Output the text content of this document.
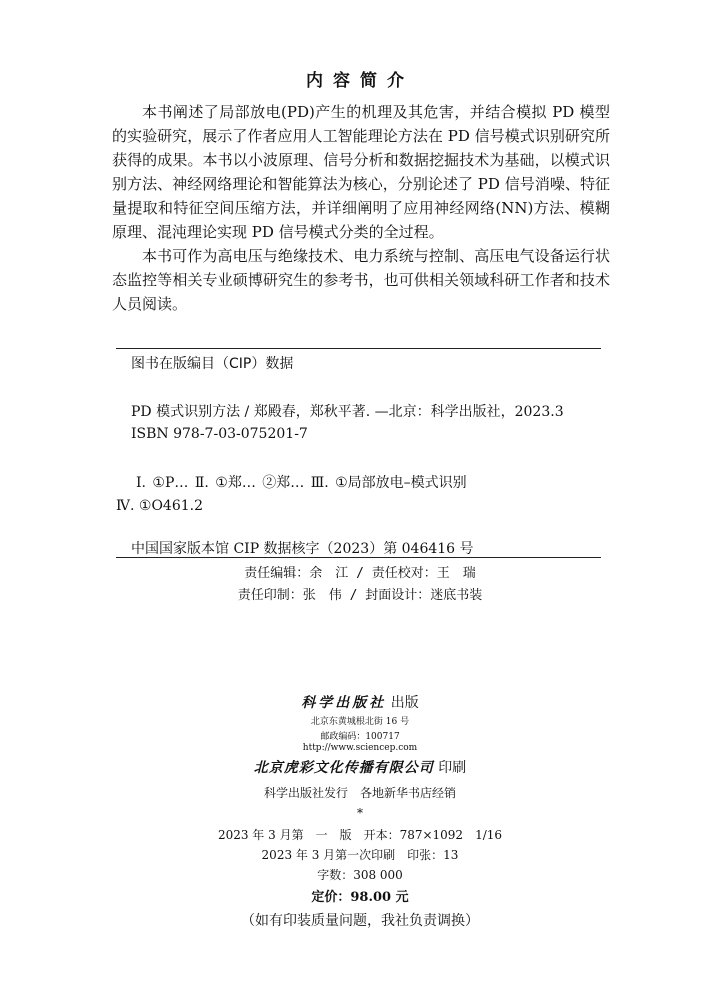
内容简介

本书阐述了局部放电(PD)产生的机理及其危害，并结合模拟 PD 模型的实验研究，展示了作者应用人工智能理论方法在 PD 信号模式识别研究所获得的成果。本书以小波原理、信号分析和数据挖掘技术为基础，以模式识别方法、神经网络理论和智能算法为核心，分别论述了 PD 信号消噪、特征量提取和特征空间压缩方法，并详细阐明了应用神经网络(NN)方法、模糊原理、混沌理论实现 PD 信号模式分类的全过程。

本书可作为高电压与绝缘技术、电力系统与控制、高压电气设备运行状态监控等相关专业硕博研究生的参考书，也可供相关领域科研工作者和技术人员阅读。

图书在版编目（CIP）数据
PD 模式识别方法 / 郑殿春，郑秋平著. —北京：科学出版社，2023.3
ISBN 978-7-03-075201-7
Ⅰ. ①P… Ⅱ. ①郑… ②郑… Ⅲ. ①局部放电–模式识别
Ⅳ. ①O461.2
中国国家版本馆 CIP 数据核字（2023）第 046416 号
责任编辑：余　江 / 责任校对：王　瑞
责任印制：张　伟 / 封面设计：迷底书装
科学出版社 出版
北京东黄城根北街 16 号
邮政编码：100717
http://www.sciencep.com
北京虎彩文化传播有限公司 印刷
科学出版社发行　各地新华书店经销
*
2023 年 3 月第　一　版　开本：787×1092　1/16
2023 年 3 月第一次印刷　印张：13
字数：308 000
定价：98.00 元
（如有印装质量问题，我社负责调换）
